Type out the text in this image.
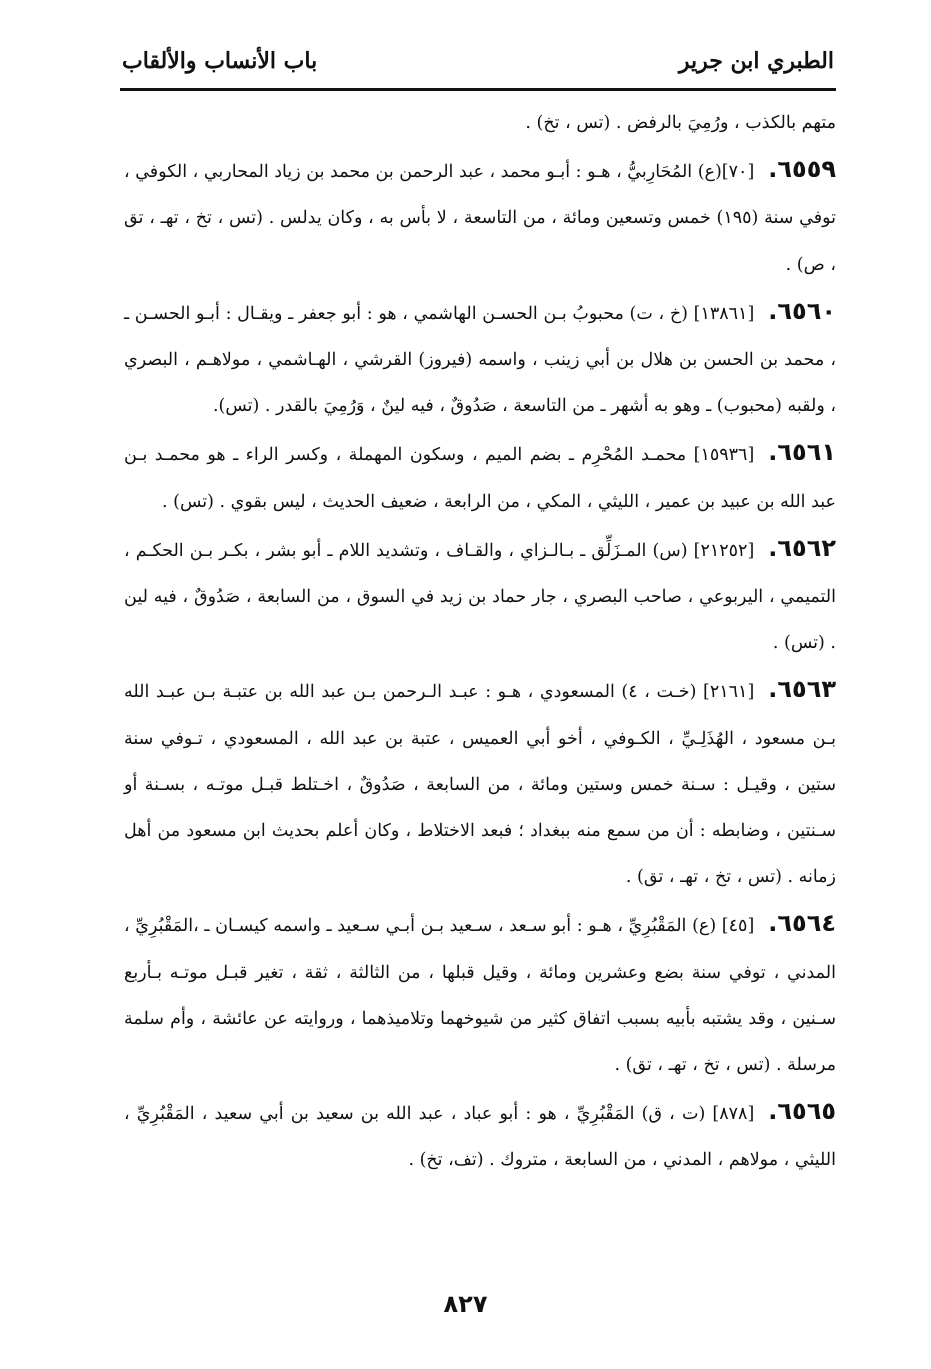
الطبري ابن جرير
باب الأنساب والألقاب

متهم بالكذب ، ورُمِيَ بالرفض . (تس ، تخ) .

٦٥٥٩.[٧٠](ع) المُحَارِبيُّ ، هـو : أبـو محمد ، عبد الرحمن بن محمد بن زياد المحاربي ، الكوفي ، توفي سنة (١٩٥) خمس وتسعين ومائة ، من التاسعة ، لا بأس به ، وكان يدلس . (تس ، تخ ، تهـ ، تق ، ص) .

٦٥٦٠.[١٣٨٦١] (خ ، ت) محبوبُ بـن الحسـن الهاشمي ، هو : أبو جعفر ـ ويقـال : أبـو الحسـن ـ ، محمد بن الحسن بن هلال بن أبي زينب ، واسمه (فيروز) القرشي ، الهـاشمي ، مولاهـم ، البصري ، ولقبه (محبوب) ـ وهو به أشهر ـ من التاسعة ، صَدُوقٌ ، فيه لينٌ ، وَرُمِيَ بالقدر . (تس).

٦٥٦١.[١٥٩٣٦] محمـد المُحْرِم ـ بضم الميم ، وسكون المهملة ، وكسر الراء ـ هو محمـد بـن عبد الله بن عبيد بن عمير ، الليثي ، المكي ، من الرابعة ، ضعيف الحديث ، ليس بقوي . (تس) .

٦٥٦٢.[٢١٢٥٢] (س) المـزَلِّق ـ بـالـزاي ، والقـاف ، وتشديد اللام ـ أبو بشر ، بكـر بـن الحكـم ، التميمي ، اليربوعي ، صاحب البصري ، جار حماد بن زيد في السوق ، من السابعة ، صَدُوقٌ ، فيه لين . (تس) .

٦٥٦٣.[٢١٦١] (خـت ، ٤) المسعودي ، هـو : عبـد الـرحمن بـن عبد الله بن عتبـة بـن عبـد الله بـن مسعود ، الهُذَلِـيِّ ، الكـوفي ، أخو أبي العميس ، عتبة بن عبد الله ، المسعودي ، تـوفي سنة ستين ، وقيـل : سـنة خمس وستين ومائة ، من السابعة ، صَدُوقٌ ، اخـتلط قبـل موتـه ، بسـنة أو سـنتين ، وضابطه : أن من سمع منه ببغداد ؛ فبعد الاختلاط ، وكان أعلم بحديث ابن مسعود من أهل زمانه . (تس ، تخ ، تهـ ، تق) .

٦٥٦٤.[٤٥] (ع) المَقْبُرِيِّ ، هـو : أبو سـعد ، سـعيد بـن أبـي سـعيد ـ واسمه كيسـان ـ ،المَقْبُرِيِّ ، المدني ، توفي سنة بضع وعشرين ومائة ، وقيل قبلها ، من الثالثة ، ثقة ، تغير قبـل موتـه بـأربع سـنين ، وقد يشتبه بأبيه بسبب اتفاق كثير من شيوخهما وتلاميذهما ، وروايته عن عائشة ، وأم سلمة مرسلة . (تس ، تخ ، تهـ ، تق) .

٦٥٦٥.[٨٧٨] (ت ، ق) المَقْبُرِيِّ ، هو : أبو عباد ، عبد الله بن سعيد بن أبي سعيد ، المَقْبُرِيِّ ، الليثي ، مولاهم ، المدني ، من السابعة ، متروك . (تف، تخ) .

٨٢٧
